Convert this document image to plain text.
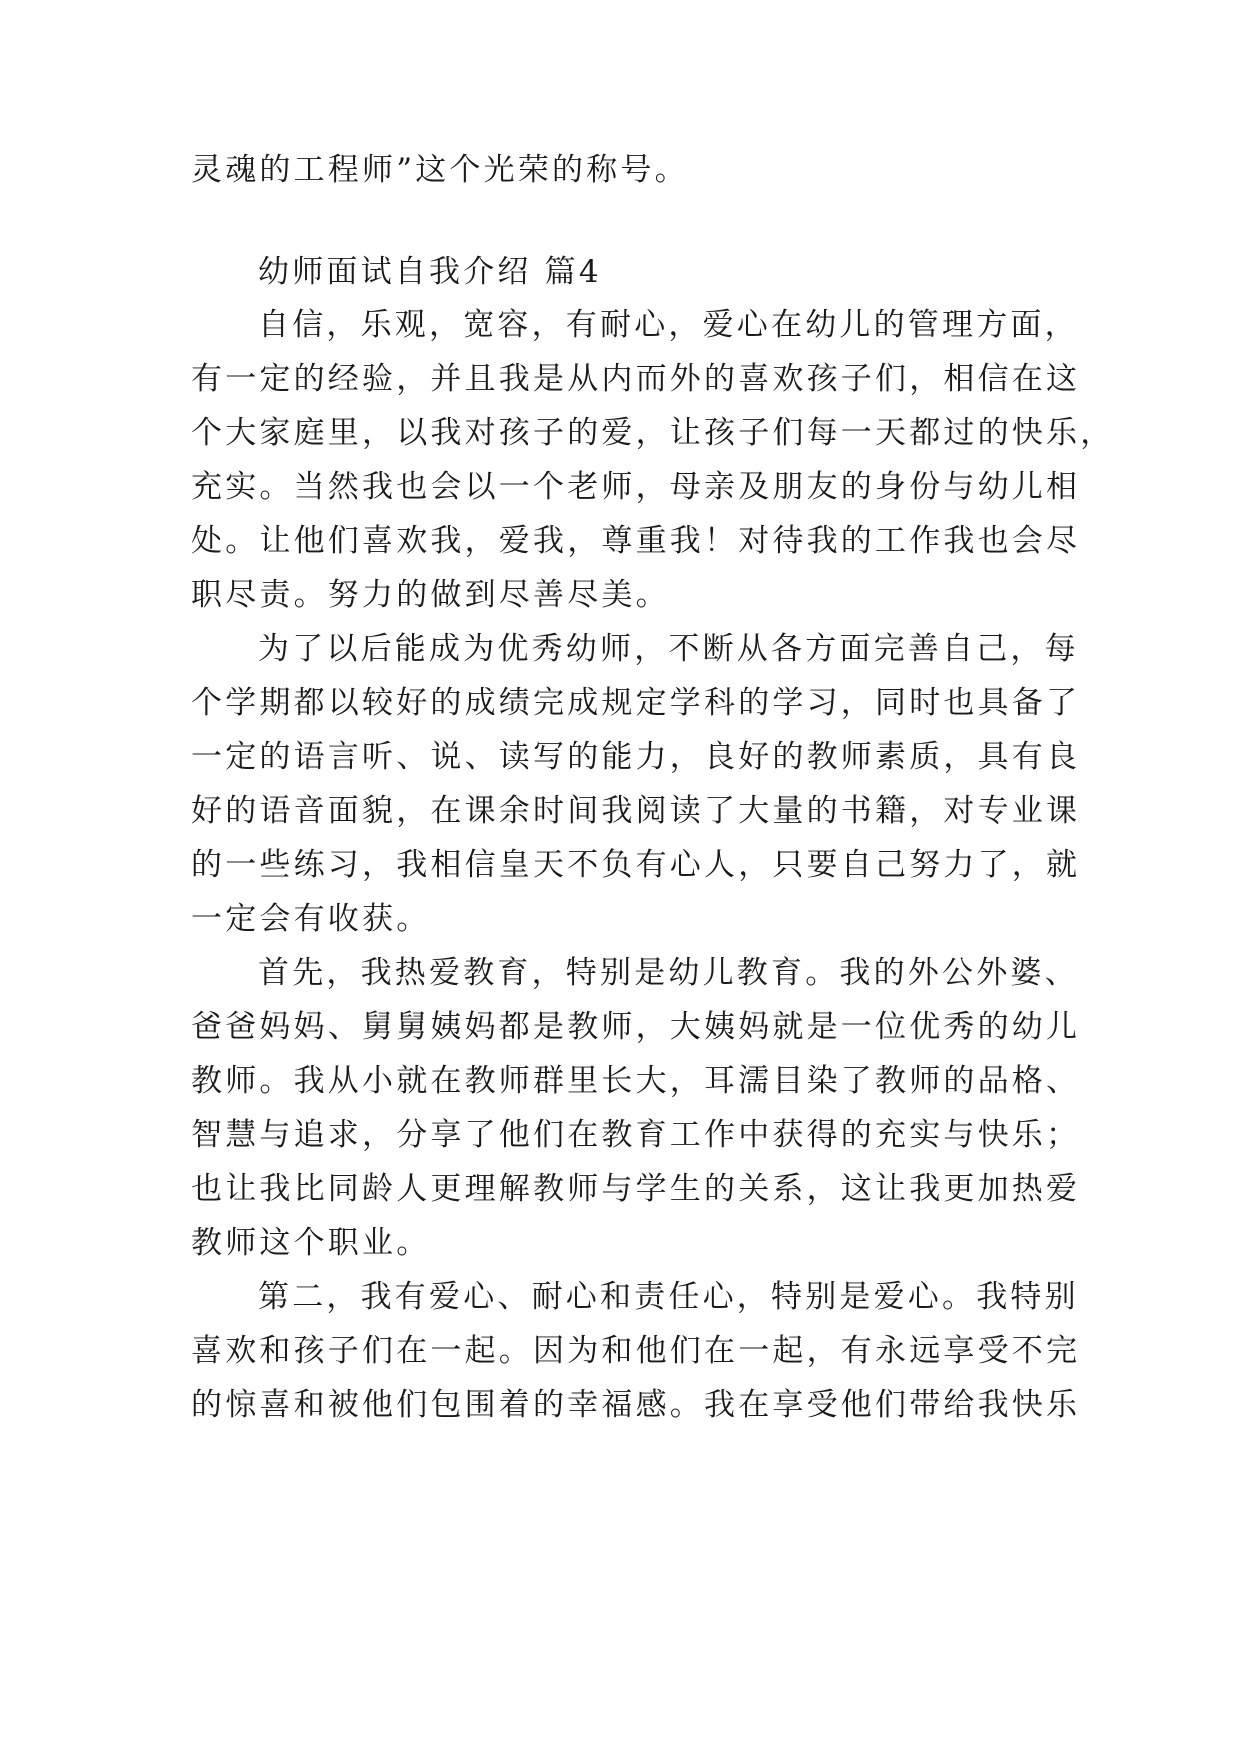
灵魂的工程师”这个光荣的称号。
幼师面试自我介绍 篇4
自信，乐观，宽容，有耐心，爱心在幼儿的管理方面，
有一定的经验，并且我是从内而外的喜欢孩子们，相信在这
个大家庭里，以我对孩子的爱，让孩子们每一天都过的快乐，
充实。当然我也会以一个老师，母亲及朋友的身份与幼儿相
处。让他们喜欢我，爱我，尊重我！对待我的工作我也会尽
职尽责。努力的做到尽善尽美。
为了以后能成为优秀幼师，不断从各方面完善自己，每
个学期都以较好的成绩完成规定学科的学习，同时也具备了
一定的语言听、说、读写的能力，良好的教师素质，具有良
好的语音面貌，在课余时间我阅读了大量的书籍，对专业课
的一些练习，我相信皇天不负有心人，只要自己努力了，就
一定会有收获。
首先，我热爱教育，特别是幼儿教育。我的外公外婆、
爸爸妈妈、舅舅姨妈都是教师，大姨妈就是一位优秀的幼儿
教师。我从小就在教师群里长大，耳濡目染了教师的品格、
智慧与追求，分享了他们在教育工作中获得的充实与快乐；
也让我比同龄人更理解教师与学生的关系，这让我更加热爱
教师这个职业。
第二，我有爱心、耐心和责任心，特别是爱心。我特别
喜欢和孩子们在一起。因为和他们在一起，有永远享受不完
的惊喜和被他们包围着的幸福感。我在享受他们带给我快乐
